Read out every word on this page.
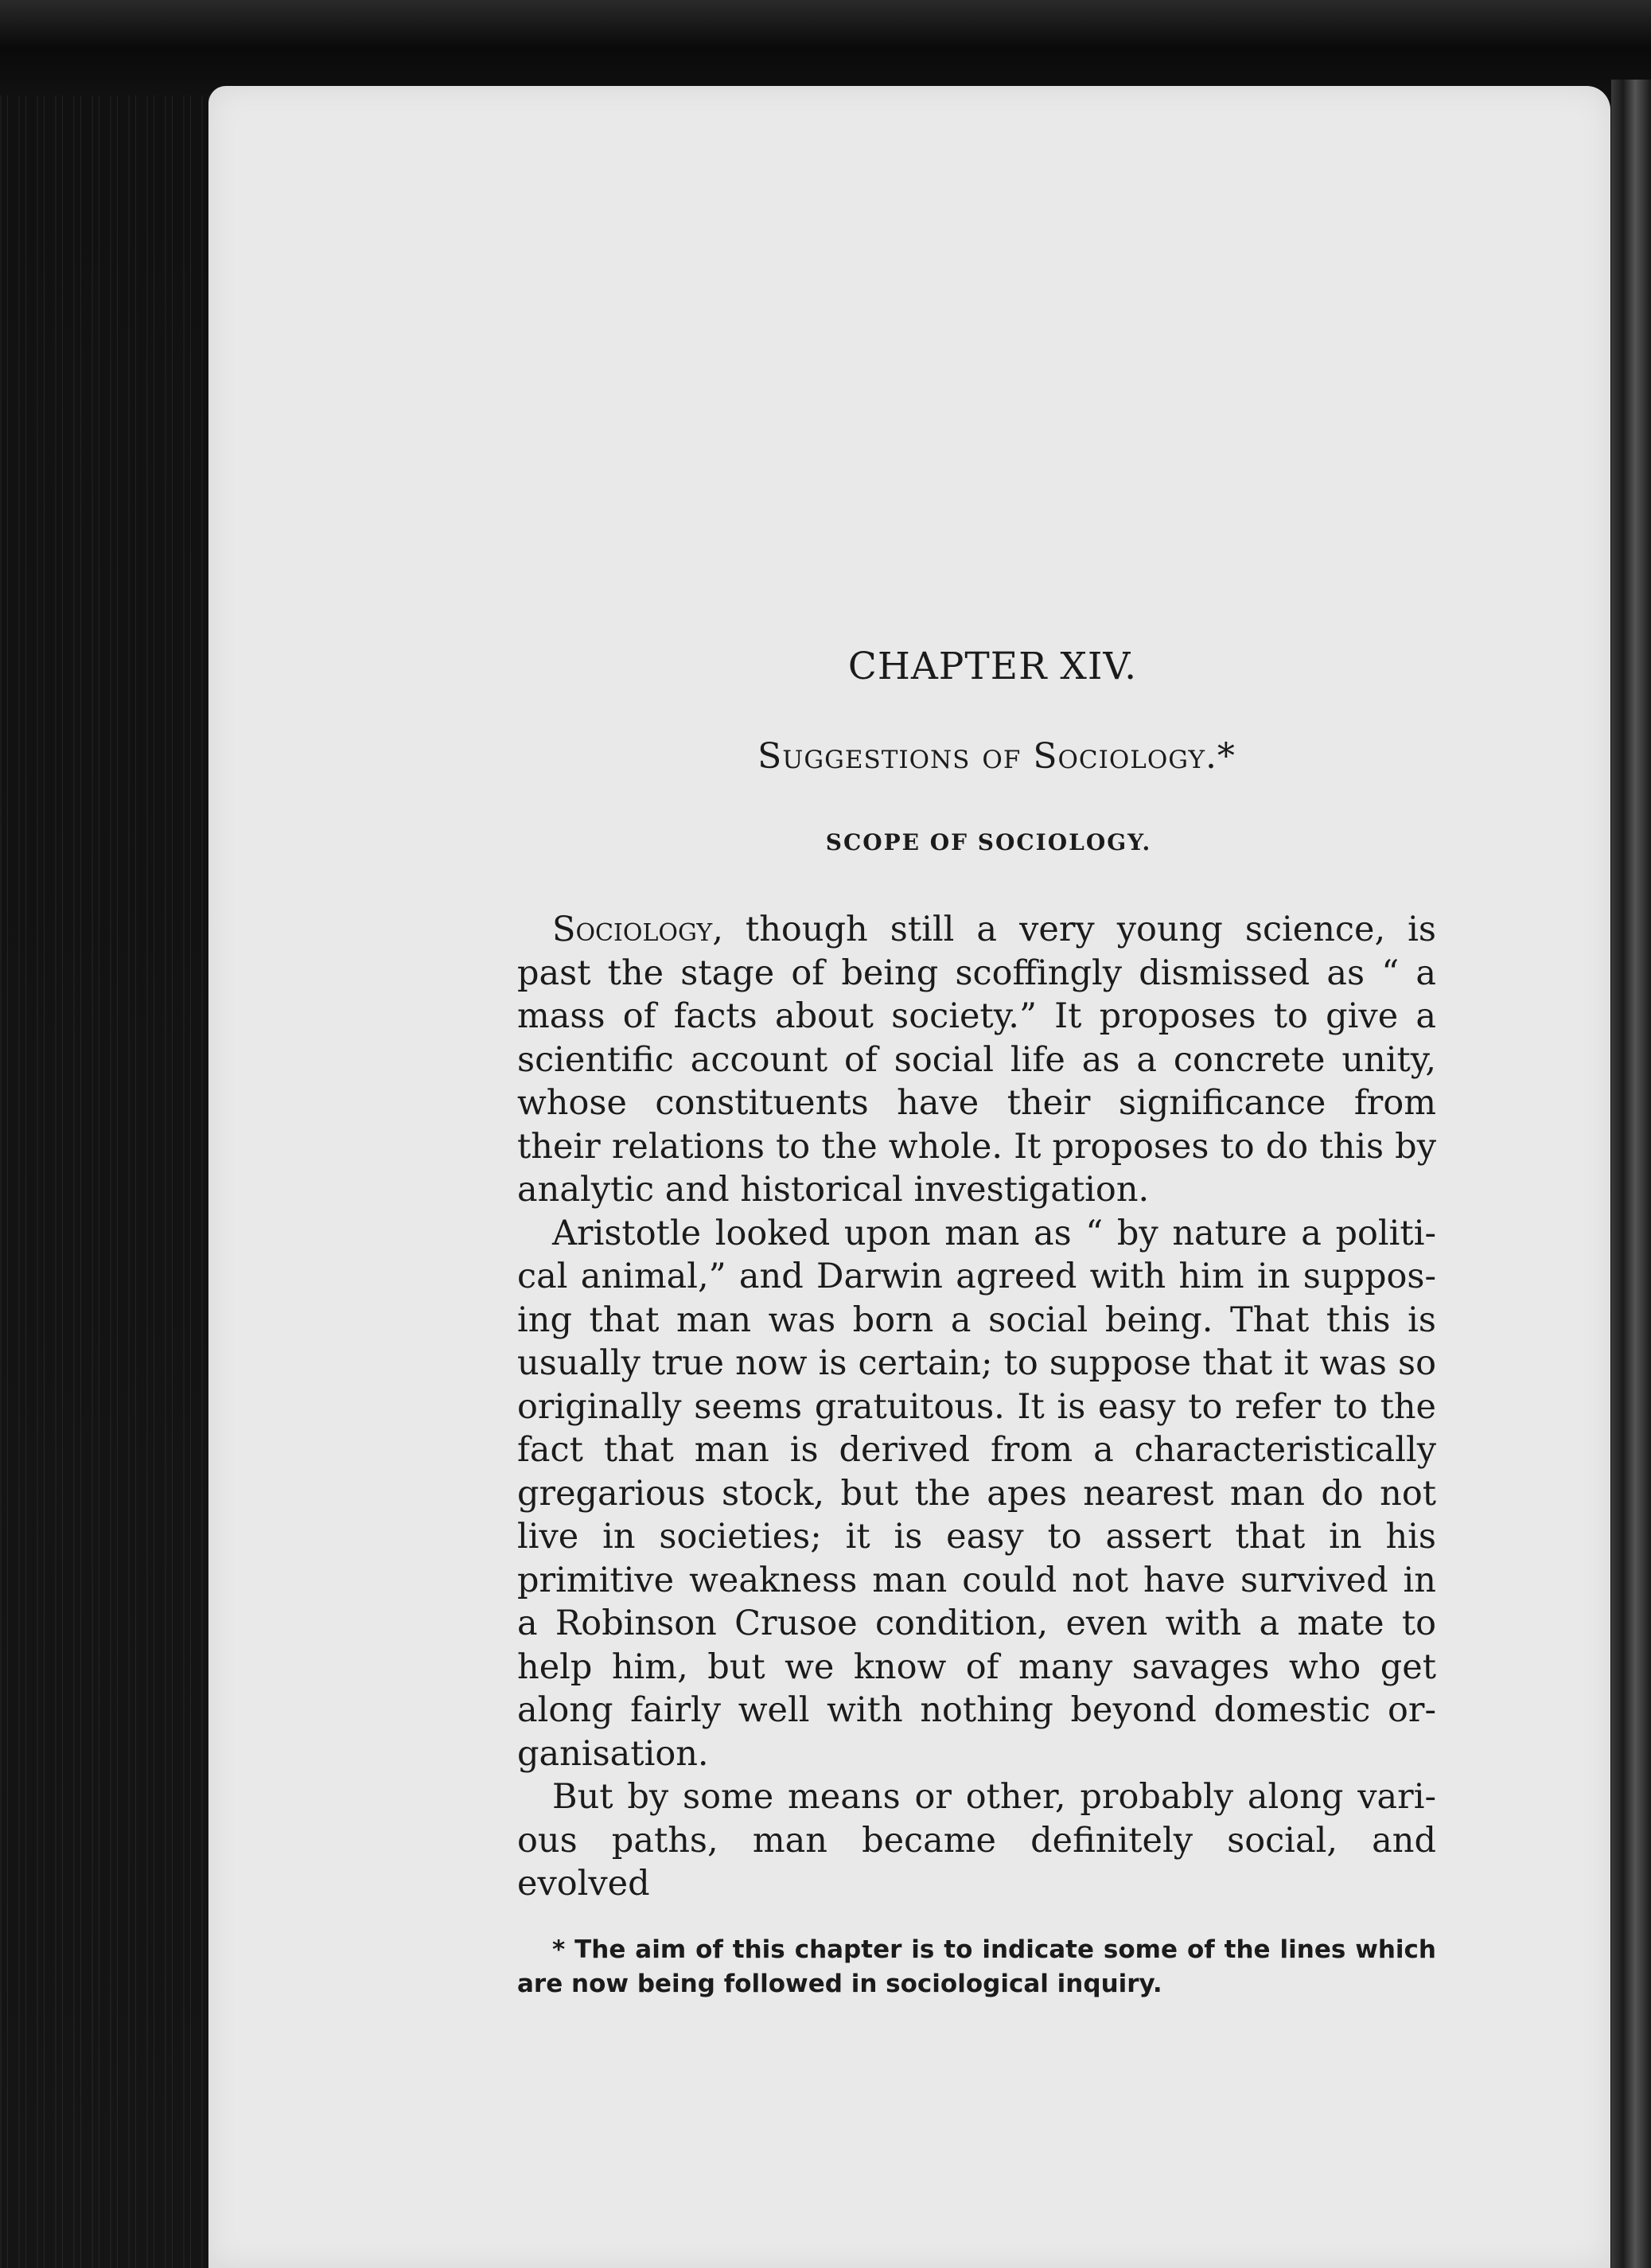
CHAPTER XIV.
Suggestions of Sociology.*
SCOPE OF SOCIOLOGY.

Sociology, though still a very young science, is past the stage of being scoffingly dismissed as “ a mass of facts about society.” It proposes to give a scientific account of social life as a concrete unity, whose constituents have their significance from their relations to the whole. It proposes to do this by analytic and historical investigation.

Aristotle looked upon man as “ by nature a political animal,” and Darwin agreed with him in supposing that man was born a social being. That this is usually true now is certain; to suppose that it was so originally seems gratuitous. It is easy to refer to the fact that man is derived from a characteristically gregarious stock, but the apes nearest man do not live in societies; it is easy to assert that in his primitive weakness man could not have survived in a Robinson Crusoe condition, even with a mate to help him, but we know of many savages who get along fairly well with nothing beyond domestic organisation.

But by some means or other, probably along various paths, man became definitely social, and evolved

* The aim of this chapter is to indicate some of the lines which are now being followed in sociological inquiry.
